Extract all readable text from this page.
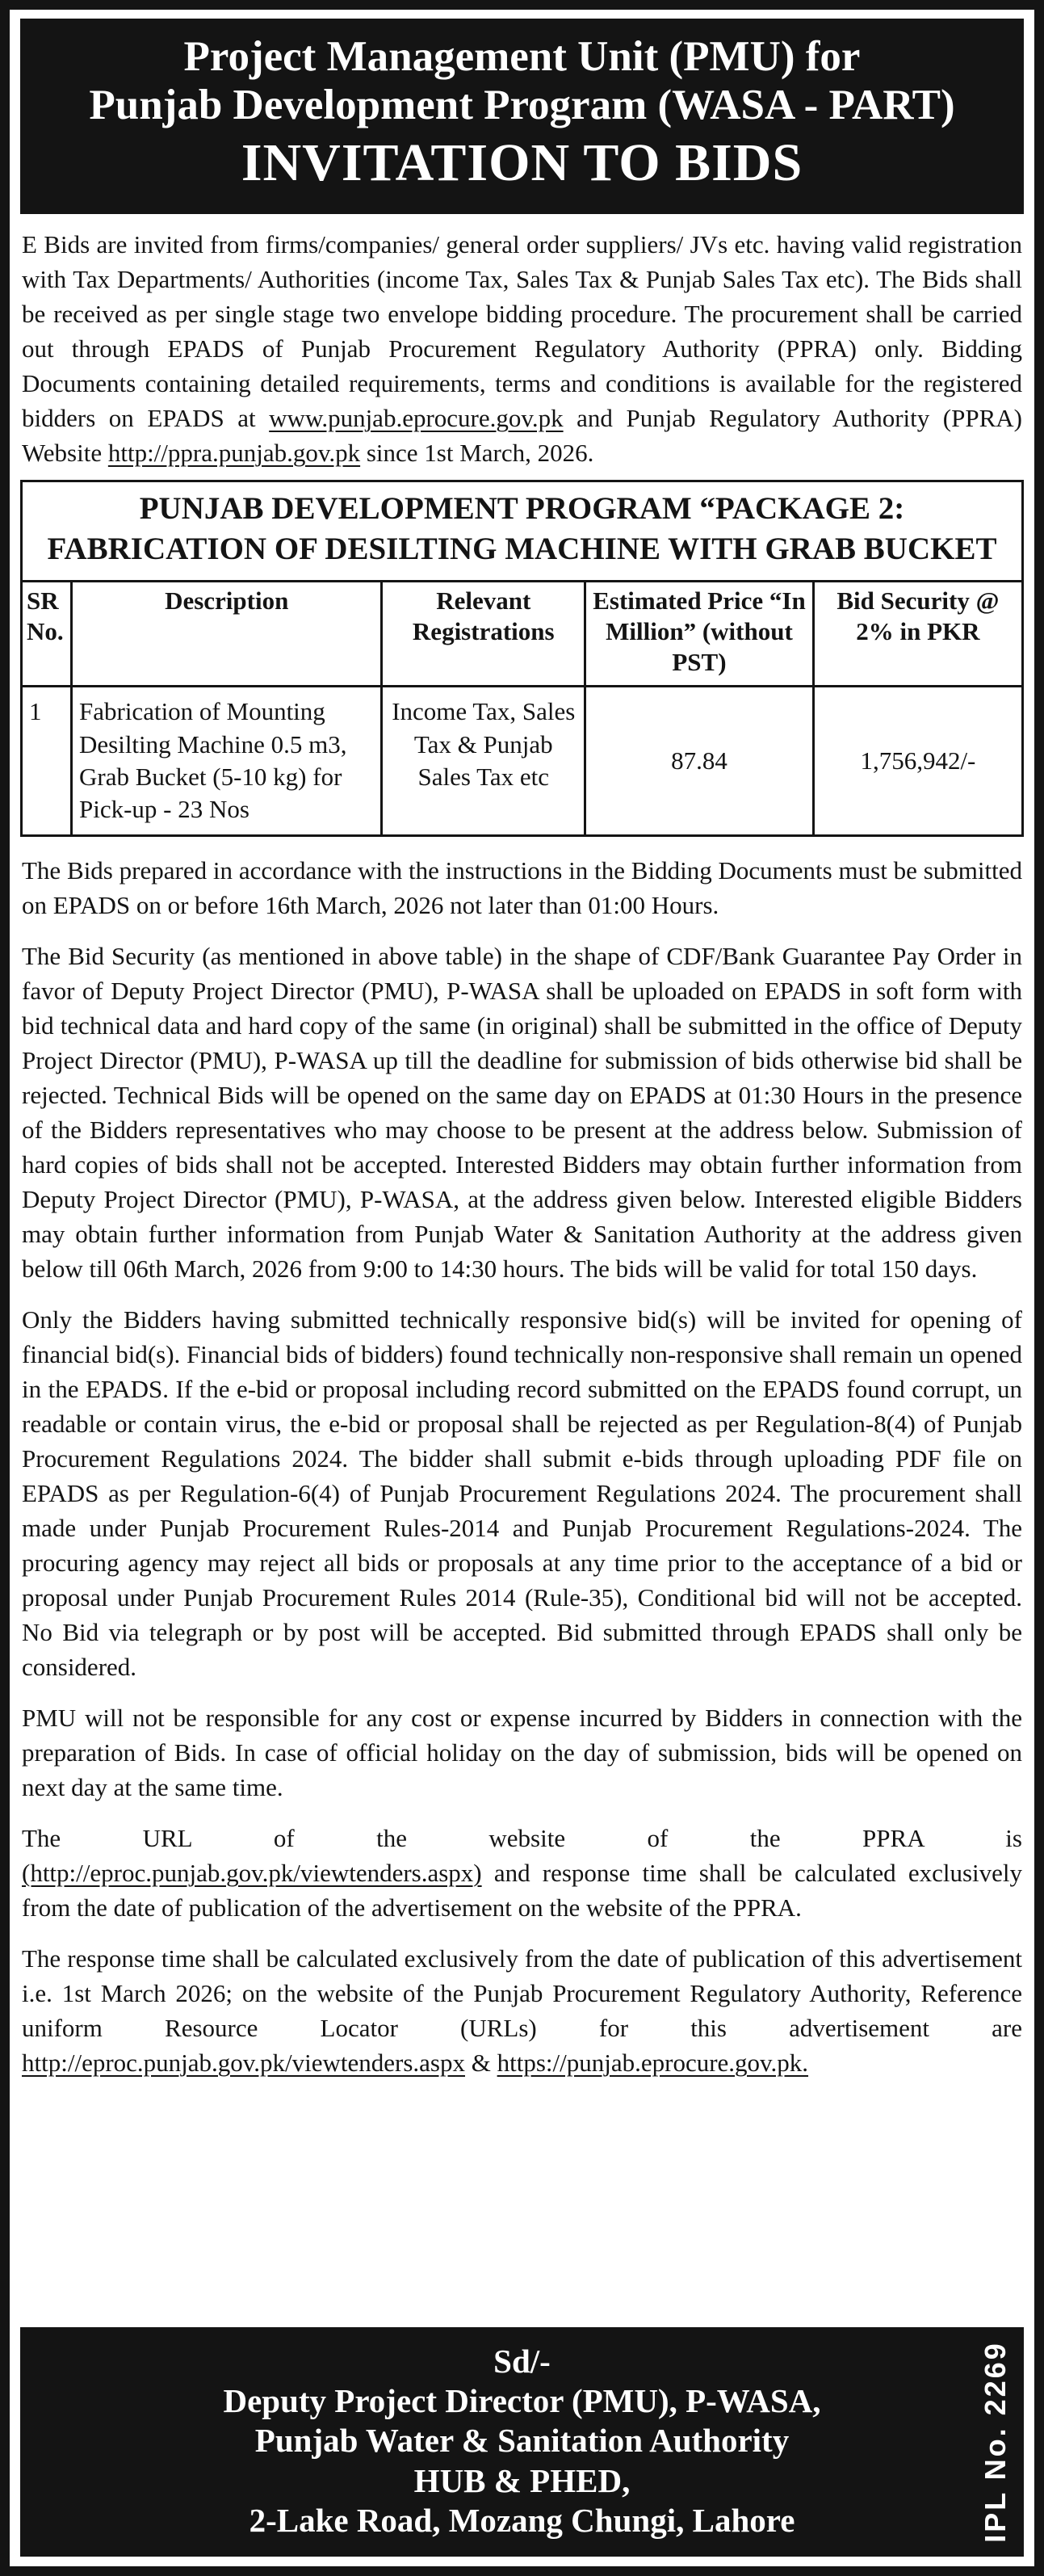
Project Management Unit (PMU) for
Punjab Development Program (WASA - PART)
INVITATION TO BIDS

E Bids are invited from firms/companies/ general order suppliers/ JVs etc. having valid registration with Tax Departments/ Authorities (income Tax, Sales Tax & Punjab Sales Tax etc). The Bids shall be received as per single stage two envelope bidding procedure. The procurement shall be carried out through EPADS of Punjab Procurement Regulatory Authority (PPRA) only. Bidding Documents containing detailed requirements, terms and conditions is available for the registered bidders on EPADS at www.punjab.eprocure.gov.pk and Punjab Regulatory Authority (PPRA) Website http://ppra.punjab.gov.pk since 1st March, 2026.

PUNJAB DEVELOPMENT PROGRAM “PACKAGE 2:
FABRICATION OF DESILTING MACHINE WITH GRAB BUCKET				

SR No.	Description	Relevant Registrations	Estimated Price “In Million” (without PST)	Bid Security @ 2% in PKR
1	Fabrication of Mounting Desilting Machine 0.5 m3, Grab Bucket (5-10 kg) for Pick-up - 23 Nos	Income Tax, Sales Tax & Punjab Sales Tax etc	87.84	1,756,942/-

The Bids prepared in accordance with the instructions in the Bidding Documents must be submitted on EPADS on or before 16th March, 2026 not later than 01:00 Hours.

The Bid Security (as mentioned in above table) in the shape of CDF/Bank Guarantee Pay Order in favor of Deputy Project Director (PMU), P-WASA shall be uploaded on EPADS in soft form with bid technical data and hard copy of the same (in original) shall be submitted in the office of Deputy Project Director (PMU), P-WASA up till the deadline for submission of bids otherwise bid shall be rejected. Technical Bids will be opened on the same day on EPADS at 01:30 Hours in the presence of the Bidders representatives who may choose to be present at the address below. Submission of hard copies of bids shall not be accepted. Interested Bidders may obtain further information from Deputy Project Director (PMU), P-WASA, at the address given below. Interested eligible Bidders may obtain further information from Punjab Water & Sanitation Authority at the address given below till 06th March, 2026 from 9:00 to 14:30 hours. The bids will be valid for total 150 days.

Only the Bidders having submitted technically responsive bid(s) will be invited for opening of financial bid(s). Financial bids of bidders) found technically non-responsive shall remain un opened in the EPADS. If the e-bid or proposal including record submitted on the EPADS found corrupt, un readable or contain virus, the e-bid or proposal shall be rejected as per Regulation-8(4) of Punjab Procurement Regulations 2024. The bidder shall submit e-bids through uploading PDF file on EPADS as per Regulation-6(4) of Punjab Procurement Regulations 2024. The procurement shall made under Punjab Procurement Rules-2014 and Punjab Procurement Regulations-2024. The procuring agency may reject all bids or proposals at any time prior to the acceptance of a bid or proposal under Punjab Procurement Rules 2014 (Rule-35), Conditional bid will not be accepted. No Bid via telegraph or by post will be accepted. Bid submitted through EPADS shall only be considered.

PMU will not be responsible for any cost or expense incurred by Bidders in connection with the preparation of Bids. In case of official holiday on the day of submission, bids will be opened on next day at the same time.

The URL of the website of the PPRA is
(http://eproc.punjab.gov.pk/viewtenders.aspx) and response time shall be calculated exclusively from the date of publication of the advertisement on the website of the PPRA.

The response time shall be calculated exclusively from the date of publication of this advertisement i.e. 1st March 2026; on the website of the Punjab Procurement Regulatory Authority, Reference uniform Resource Locator (URLs) for this advertisement are http://eproc.punjab.gov.pk/viewtenders.aspx & https://punjab.eprocure.gov.pk.

Sd/-
Deputy Project Director (PMU), P-WASA,
Punjab Water & Sanitation Authority
HUB & PHED,
2-Lake Road, Mozang Chungi, Lahore	IPL No. 2269
